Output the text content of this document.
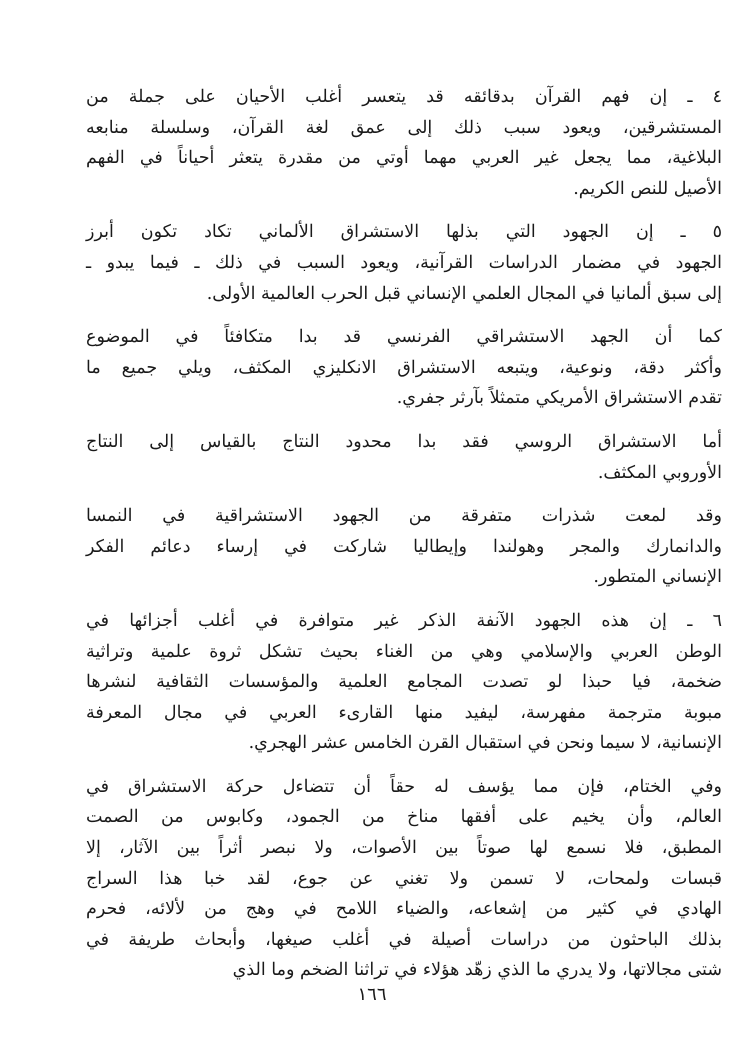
٤ ـ إن فهم القرآن بدقائقه قد يتعسر أغلب الأحيان على جملة من
المستشرقين، ويعود سبب ذلك إلى عمق لغة القرآن، وسلسلة منابعه
البلاغية، مما يجعل غير العربي مهما أوتي من مقدرة يتعثر أحياناً في الفهم
الأصيل للنص الكريم.
٥ ـ إن الجهود التي بذلها الاستشراق الألماني تكاد تكون أبرز
الجهود في مضمار الدراسات القرآنية، ويعود السبب في ذلك ـ فيما يبدو ـ
إلى سبق ألمانيا في المجال العلمي الإنساني قبل الحرب العالمية الأولى.
كما أن الجهد الاستشراقي الفرنسي قد بدا متكافئاً في الموضوع
وأكثر دقة، ونوعية، ويتبعه الاستشراق الانكليزي المكثف، ويلي جميع ما
تقدم الاستشراق الأمريكي متمثلاً بآرثر جفري.
أما الاستشراق الروسي فقد بدا محدود النتاج بالقياس إلى النتاج
الأوروبي المكثف.
وقد لمعت شذرات متفرقة من الجهود الاستشراقية في النمسا
والدانمارك والمجر وهولندا وإيطاليا شاركت في إرساء دعائم الفكر
الإنساني المتطور.
٦ ـ إن هذه الجهود الآنفة الذكر غير متوافرة في أغلب أجزائها في
الوطن العربي والإسلامي وهي من الغناء بحيث تشكل ثروة علمية وتراثية
ضخمة، فيا حبذا لو تصدت المجامع العلمية والمؤسسات الثقافية لنشرها
مبوبة مترجمة مفهرسة، ليفيد منها القارىء العربي في مجال المعرفة
الإنسانية، لا سيما ونحن في استقبال القرن الخامس عشر الهجري.
وفي الختام، فإن مما يؤسف له حقاً أن تتضاءل حركة الاستشراق في
العالم، وأن يخيم على أفقها مناخ من الجمود، وكابوس من الصمت
المطبق، فلا نسمع لها صوتاً بين الأصوات، ولا نبصر أثراً بين الآثار، إلا
قبسات ولمحات، لا تسمن ولا تغني عن جوع، لقد خبا هذا السراج
الهادي في كثير من إشعاعه، والضياء اللامح في وهج من لألائه، فحرم
بذلك الباحثون من دراسات أصيلة في أغلب صيغها، وأبحاث طريفة في
شتى مجالاتها، ولا يدري ما الذي زهّد هؤلاء في تراثنا الضخم وما الذي
١٦٦
